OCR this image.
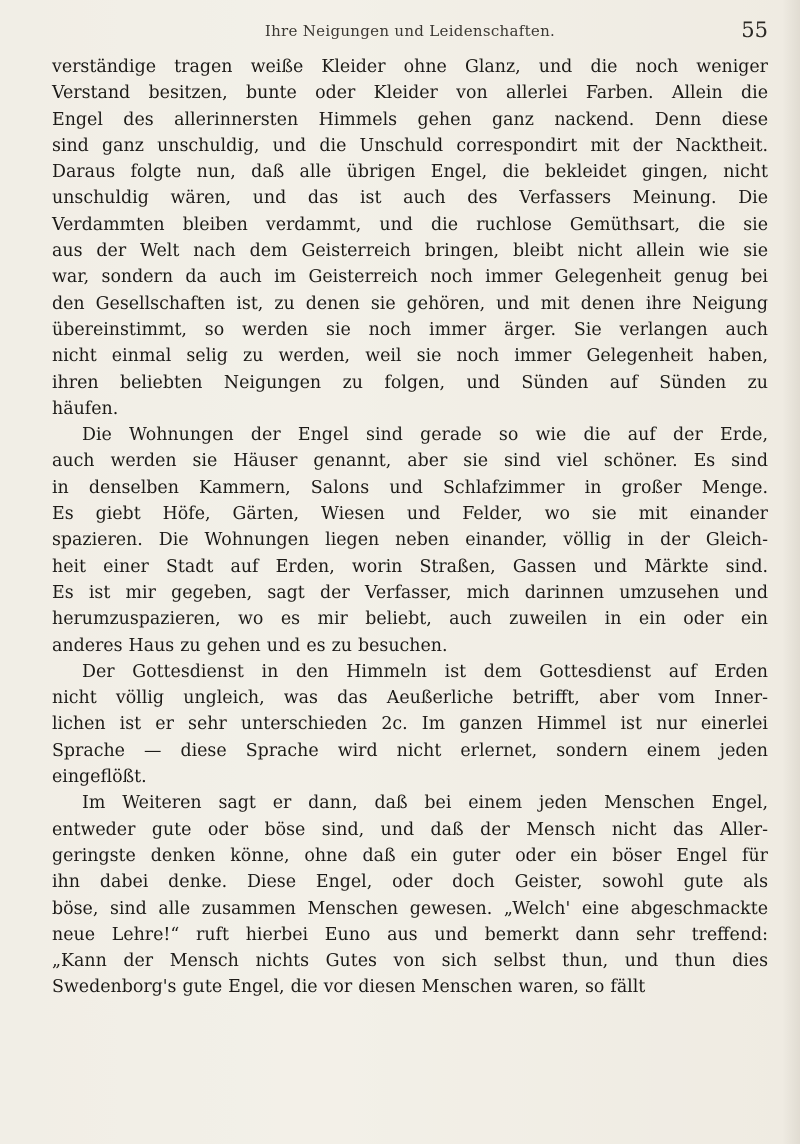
Ihre Neigungen und Leidenschaften.	55
verständige tragen weiße Kleider ohne Glanz, und die noch weniger
Verstand besitzen, bunte oder Kleider von allerlei Farben. Allein die
Engel des allerinnersten Himmels gehen ganz nackend. Denn diese
sind ganz unschuldig, und die Unschuld correspondirt mit der Nacktheit.
Daraus folgte nun, daß alle übrigen Engel, die bekleidet gingen, nicht
unschuldig wären, und das ist auch des Verfassers Meinung. Die
Verdammten bleiben verdammt, und die ruchlose Gemüthsart, die sie
aus der Welt nach dem Geisterreich bringen, bleibt nicht allein wie sie
war, sondern da auch im Geisterreich noch immer Gelegenheit genug bei
den Gesellschaften ist, zu denen sie gehören, und mit denen ihre Neigung
übereinstimmt, so werden sie noch immer ärger. Sie verlangen auch
nicht einmal selig zu werden, weil sie noch immer Gelegenheit haben,
ihren beliebten Neigungen zu folgen, und Sünden auf Sünden zu
häufen.
Die Wohnungen der Engel sind gerade so wie die auf der Erde,
auch werden sie Häuser genannt, aber sie sind viel schöner. Es sind
in denselben Kammern, Salons und Schlafzimmer in großer Menge.
Es giebt Höfe, Gärten, Wiesen und Felder, wo sie mit einander
spazieren. Die Wohnungen liegen neben einander, völlig in der Gleich-
heit einer Stadt auf Erden, worin Straßen, Gassen und Märkte sind.
Es ist mir gegeben, sagt der Verfasser, mich darinnen umzusehen und
herumzuspazieren, wo es mir beliebt, auch zuweilen in ein oder ein
anderes Haus zu gehen und es zu besuchen.
Der Gottesdienst in den Himmeln ist dem Gottesdienst auf Erden
nicht völlig ungleich, was das Aeußerliche betrifft, aber vom Inner-
lichen ist er sehr unterschieden 2c. Im ganzen Himmel ist nur einerlei
Sprache — diese Sprache wird nicht erlernet, sondern einem jeden
eingeflößt.
Im Weiteren sagt er dann, daß bei einem jeden Menschen Engel,
entweder gute oder böse sind, und daß der Mensch nicht das Aller-
geringste denken könne, ohne daß ein guter oder ein böser Engel für
ihn dabei denke. Diese Engel, oder doch Geister, sowohl gute als
böse, sind alle zusammen Menschen gewesen. „Welch' eine abgeschmackte
neue Lehre!“ ruft hierbei Euno aus und bemerkt dann sehr treffend:
„Kann der Mensch nichts Gutes von sich selbst thun, und thun dies
Swedenborg's gute Engel, die vor diesen Menschen waren, so fällt
